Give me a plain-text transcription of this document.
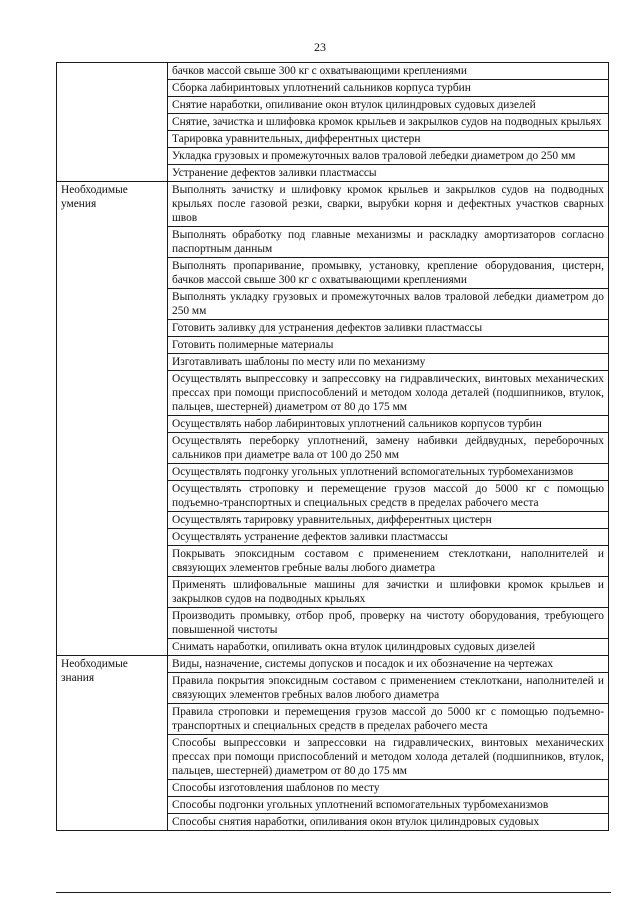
23
	бачков массой свыше 300 кг с охватывающими креплениями
	Сборка лабиринтовых уплотнений сальников корпуса турбин
	Снятие наработки, опиливание окон втулок цилиндровых судовых дизелей
	Снятие, зачистка и шлифовка кромок крыльев и закрылков судов на подводных крыльях
	Тарировка уравнительных, дифферентных цистерн
	Укладка грузовых и промежуточных валов траловой лебедки диаметром до 250 мм
	Устранение дефектов заливки пластмассы
Необходимые умения	Выполнять зачистку и шлифовку кромок крыльев и закрылков судов на подводных крыльях после газовой резки, сварки, вырубки корня и дефектных участков сварных швов
	Выполнять обработку под главные механизмы и раскладку амортизаторов согласно паспортным данным
	Выполнять пропаривание, промывку, установку, крепление оборудования, цистерн, бачков массой свыше 300 кг с охватывающими креплениями
	Выполнять укладку грузовых и промежуточных валов траловой лебедки диаметром до 250 мм
	Готовить заливку для устранения дефектов заливки пластмассы
	Готовить полимерные материалы
	Изготавливать шаблоны по месту или по механизму
	Осуществлять выпрессовку и запрессовку на гидравлических, винтовых механических прессах при помощи приспособлений и методом холода деталей (подшипников, втулок, пальцев, шестерней) диаметром от 80 до 175 мм
	Осуществлять набор лабиринтовых уплотнений сальников корпусов турбин
	Осуществлять переборку уплотнений, замену набивки дейдвудных, переборочных сальников при диаметре вала от 100 до 250 мм
	Осуществлять подгонку угольных уплотнений вспомогательных турбомеханизмов
	Осуществлять строповку и перемещение грузов массой до 5000 кг с помощью подъемно-транспортных и специальных средств в пределах рабочего места
	Осуществлять тарировку уравнительных, дифферентных цистерн
	Осуществлять устранение дефектов заливки пластмассы
	Покрывать эпоксидным составом с применением стеклоткани, наполнителей и связующих элементов гребные валы любого диаметра
	Применять шлифовальные машины для зачистки и шлифовки кромок крыльев и закрылков судов на подводных крыльях
	Производить промывку, отбор проб, проверку на чистоту оборудования, требующего повышенной чистоты
	Снимать наработки, опиливать окна втулок цилиндровых судовых дизелей
Необходимые знания	Виды, назначение, системы допусков и посадок и их обозначение на чертежах
	Правила покрытия эпоксидным составом с применением стеклоткани, наполнителей и связующих элементов гребных валов любого диаметра
	Правила строповки и перемещения грузов массой до 5000 кг с помощью подъемно-транспортных и специальных средств в пределах рабочего места
	Способы выпрессовки и запрессовки на гидравлических, винтовых механических прессах при помощи приспособлений и методом холода деталей (подшипников, втулок, пальцев, шестерней) диаметром от 80 до 175 мм
	Способы изготовления шаблонов по месту
	Способы подгонки угольных уплотнений вспомогательных турбомеханизмов
	Способы снятия наработки, опиливания окон втулок цилиндровых судовых
